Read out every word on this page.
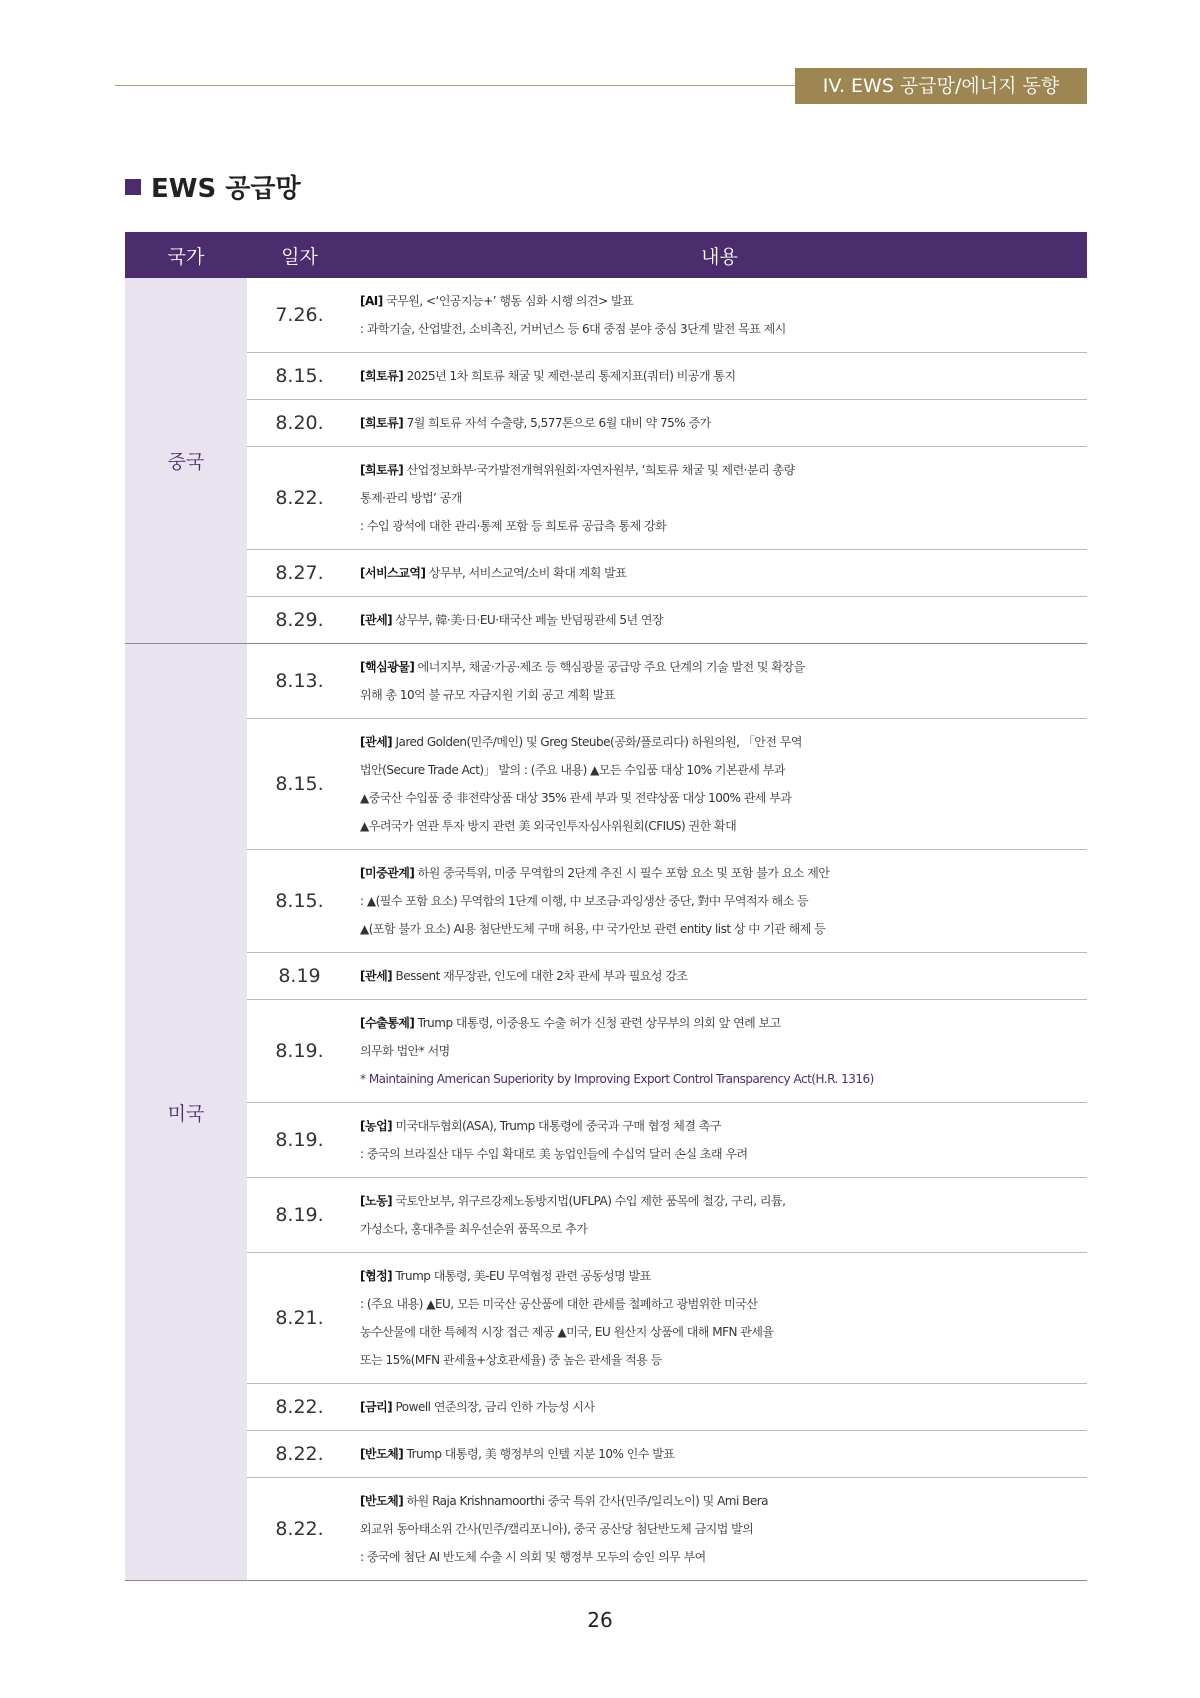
IV. EWS 공급망/에너지 동향
EWS 공급망
국가	일자	내용
중국	7.26.	[AI] 국무원, <‘인공지능+’ 행동 심화 시행 의견> 발표
: 과학기술, 산업발전, 소비촉진, 거버넌스 등 6대 중점 분야 중심 3단계 발전 목표 제시

	8.15.	[희토류] 2025년 1차 희토류 채굴 및 제련·분리 통제지표(쿼터) 비공개 통지

	8.20.	[희토류] 7월 희토류 자석 수출량, 5,577톤으로 6월 대비 약 75% 증가

	8.22.	[희토류] 산업정보화부·국가발전개혁위원회·자연자원부, ‘희토류 채굴 및 제련·분리 총량
통제·관리 방법’ 공개
: 수입 광석에 대한 관리·통제 포함 등 희토류 공급측 통제 강화

	8.27.	[서비스교역] 상무부, 서비스교역/소비 확대 계획 발표

	8.29.	[관세] 상무부, 韓·美·日·EU·태국산 페놀 반덤핑관세 5년 연장

미국	8.13.	[핵심광물] 에너지부, 채굴·가공·제조 등 핵심광물 공급망 주요 단계의 기술 발전 및 확장을
위해 총 10억 불 규모 자금지원 기회 공고 계획 발표

	8.15.	[관세] Jared Golden(민주/메인) 및 Greg Steube(공화/플로리다) 하원의원, 「안전 무역
법안(Secure Trade Act)」 발의 : (주요 내용) ▲모든 수입품 대상 10% 기본관세 부과
▲중국산 수입품 중 非전략상품 대상 35% 관세 부과 및 전략상품 대상 100% 관세 부과
▲우려국가 연관 투자 방지 관련 美 외국인투자심사위원회(CFIUS) 권한 확대

	8.15.	[미중관계] 하원 중국특위, 미중 무역합의 2단계 추진 시 필수 포함 요소 및 포함 불가 요소 제안
: ▲(필수 포함 요소) 무역합의 1단계 이행, 中 보조금·과잉생산 중단, 對中 무역적자 해소 등
▲(포함 불가 요소) AI용 첨단반도체 구매 허용, 中 국가안보 관련 entity list 상 中 기관 해제 등

	8.19	[관세] Bessent 재무장관, 인도에 대한 2차 관세 부과 필요성 강조

	8.19.	[수출통제] Trump 대통령, 이중용도 수출 허가 신청 관련 상무부의 의회 앞 연례 보고
의무화 법안* 서명
* Maintaining American Superiority by Improving Export Control Transparency Act(H.R. 1316)

	8.19.	[농업] 미국대두협회(ASA), Trump 대통령에 중국과 구매 협정 체결 촉구
: 중국의 브라질산 대두 수입 확대로 美 농업인들에 수십억 달러 손실 초래 우려

	8.19.	[노동] 국토안보부, 위구르강제노동방지법(UFLPA) 수입 제한 품목에 철강, 구리, 리튬,
가성소다, 홍대추를 최우선순위 품목으로 추가

	8.21.	[협정] Trump 대통령, 美-EU 무역협정 관련 공동성명 발표
: (주요 내용) ▲EU, 모든 미국산 공산품에 대한 관세를 철폐하고 광범위한 미국산
농수산물에 대한 특혜적 시장 접근 제공 ▲미국, EU 원산지 상품에 대해 MFN 관세율
또는 15%(MFN 관세율+상호관세율) 중 높은 관세율 적용 등

	8.22.	[금리] Powell 연준의장, 금리 인하 가능성 시사

	8.22.	[반도체] Trump 대통령, 美 행정부의 인텔 지분 10% 인수 발표

	8.22.	[반도체] 하원 Raja Krishnamoorthi 중국 특위 간사(민주/일리노이) 및 Ami Bera
외교위 동아태소위 간사(민주/캘리포니아), 중국 공산당 첨단반도체 금지법 발의
: 중국에 첨단 AI 반도체 수출 시 의회 및 행정부 모두의 승인 의무 부여
26
